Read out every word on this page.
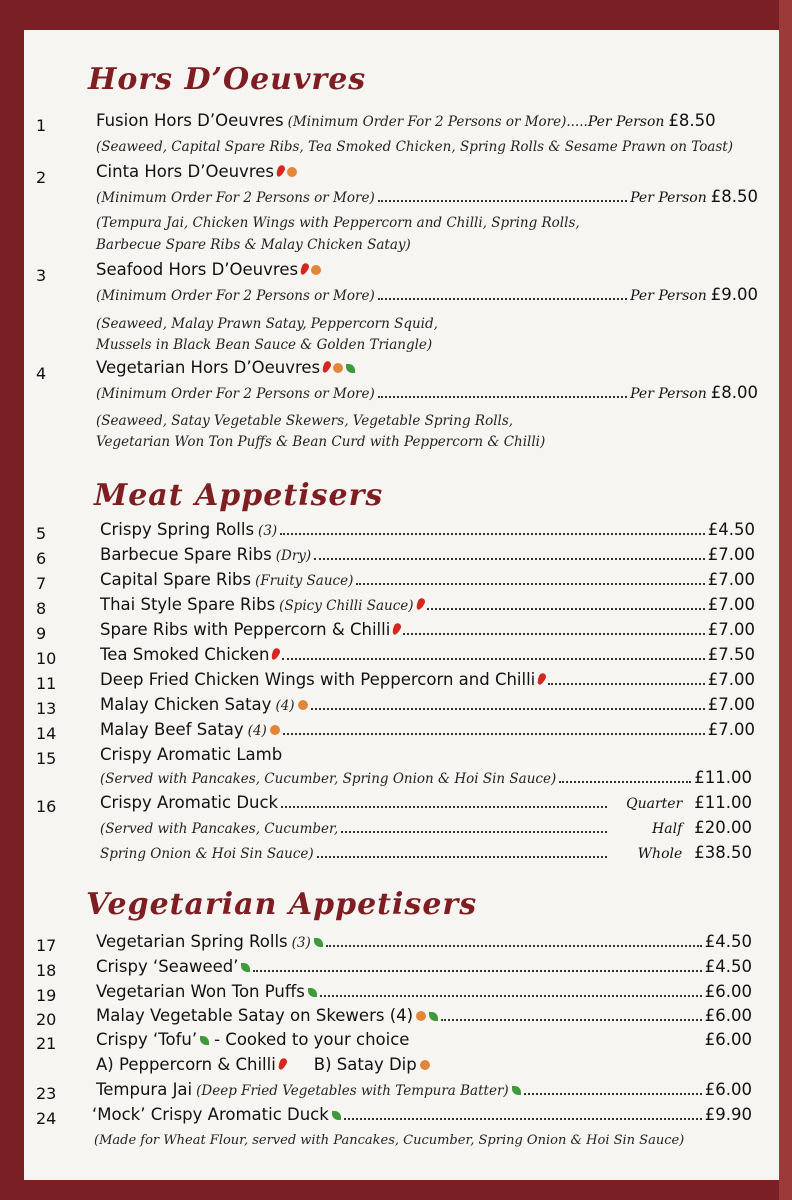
Hors D’Oeuvres
1	Fusion Hors D’Oeuvres (Minimum Order For 2 Persons or More)..... Per Person £8.50
(Seaweed, Capital Spare Ribs, Tea Smoked Chicken, Spring Rolls & Sesame Prawn on Toast)
2	Cinta Hors D’Oeuvres
(Minimum Order For 2 Persons or More)	Per Person £8.50
(Tempura Jai, Chicken Wings with Peppercorn and Chilli, Spring Rolls,
Barbecue Spare Ribs & Malay Chicken Satay)
3	Seafood Hors D’Oeuvres
(Minimum Order For 2 Persons or More)	Per Person £9.00
(Seaweed, Malay Prawn Satay, Peppercorn Squid,
Mussels in Black Bean Sauce & Golden Triangle)
4	Vegetarian Hors D’Oeuvres
(Minimum Order For 2 Persons or More)	Per Person £8.00
(Seaweed, Satay Vegetable Skewers, Vegetable Spring Rolls,
Vegetarian Won Ton Puffs & Bean Curd with Peppercorn & Chilli)
Meat Appetisers
5	Crispy Spring Rolls (3)	£4.50
6	Barbecue Spare Ribs (Dry)	£7.00
7	Capital Spare Ribs (Fruity Sauce)	£7.00
8	Thai Style Spare Ribs (Spicy Chilli Sauce)	£7.00
9	Spare Ribs with Peppercorn & Chilli	£7.00
10	Tea Smoked Chicken	£7.50
11	Deep Fried Chicken Wings with Peppercorn and Chilli	£7.00
13	Malay Chicken Satay (4)	£7.00
14	Malay Beef Satay (4)	£7.00
15	Crispy Aromatic Lamb
(Served with Pancakes, Cucumber, Spring Onion & Hoi Sin Sauce)	£11.00
16	Crispy Aromatic Duck	Quarter £11.00
(Served with Pancakes, Cucumber,	Half £20.00
Spring Onion & Hoi Sin Sauce)	Whole £38.50
Vegetarian Appetisers
17	Vegetarian Spring Rolls (3)	£4.50
18	Crispy ‘Seaweed’	£4.50
19	Vegetarian Won Ton Puffs	£6.00
20	Malay Vegetable Satay on Skewers (4)	£6.00
21	Crispy ‘Tofu’ - Cooked to your choice	£6.00
A) Peppercorn & Chilli B) Satay Dip
23	Tempura Jai (Deep Fried Vegetables with Tempura Batter)	£6.00
24	‘Mock’ Crispy Aromatic Duck	£9.90
(Made for Wheat Flour, served with Pancakes, Cucumber, Spring Onion & Hoi Sin Sauce)
